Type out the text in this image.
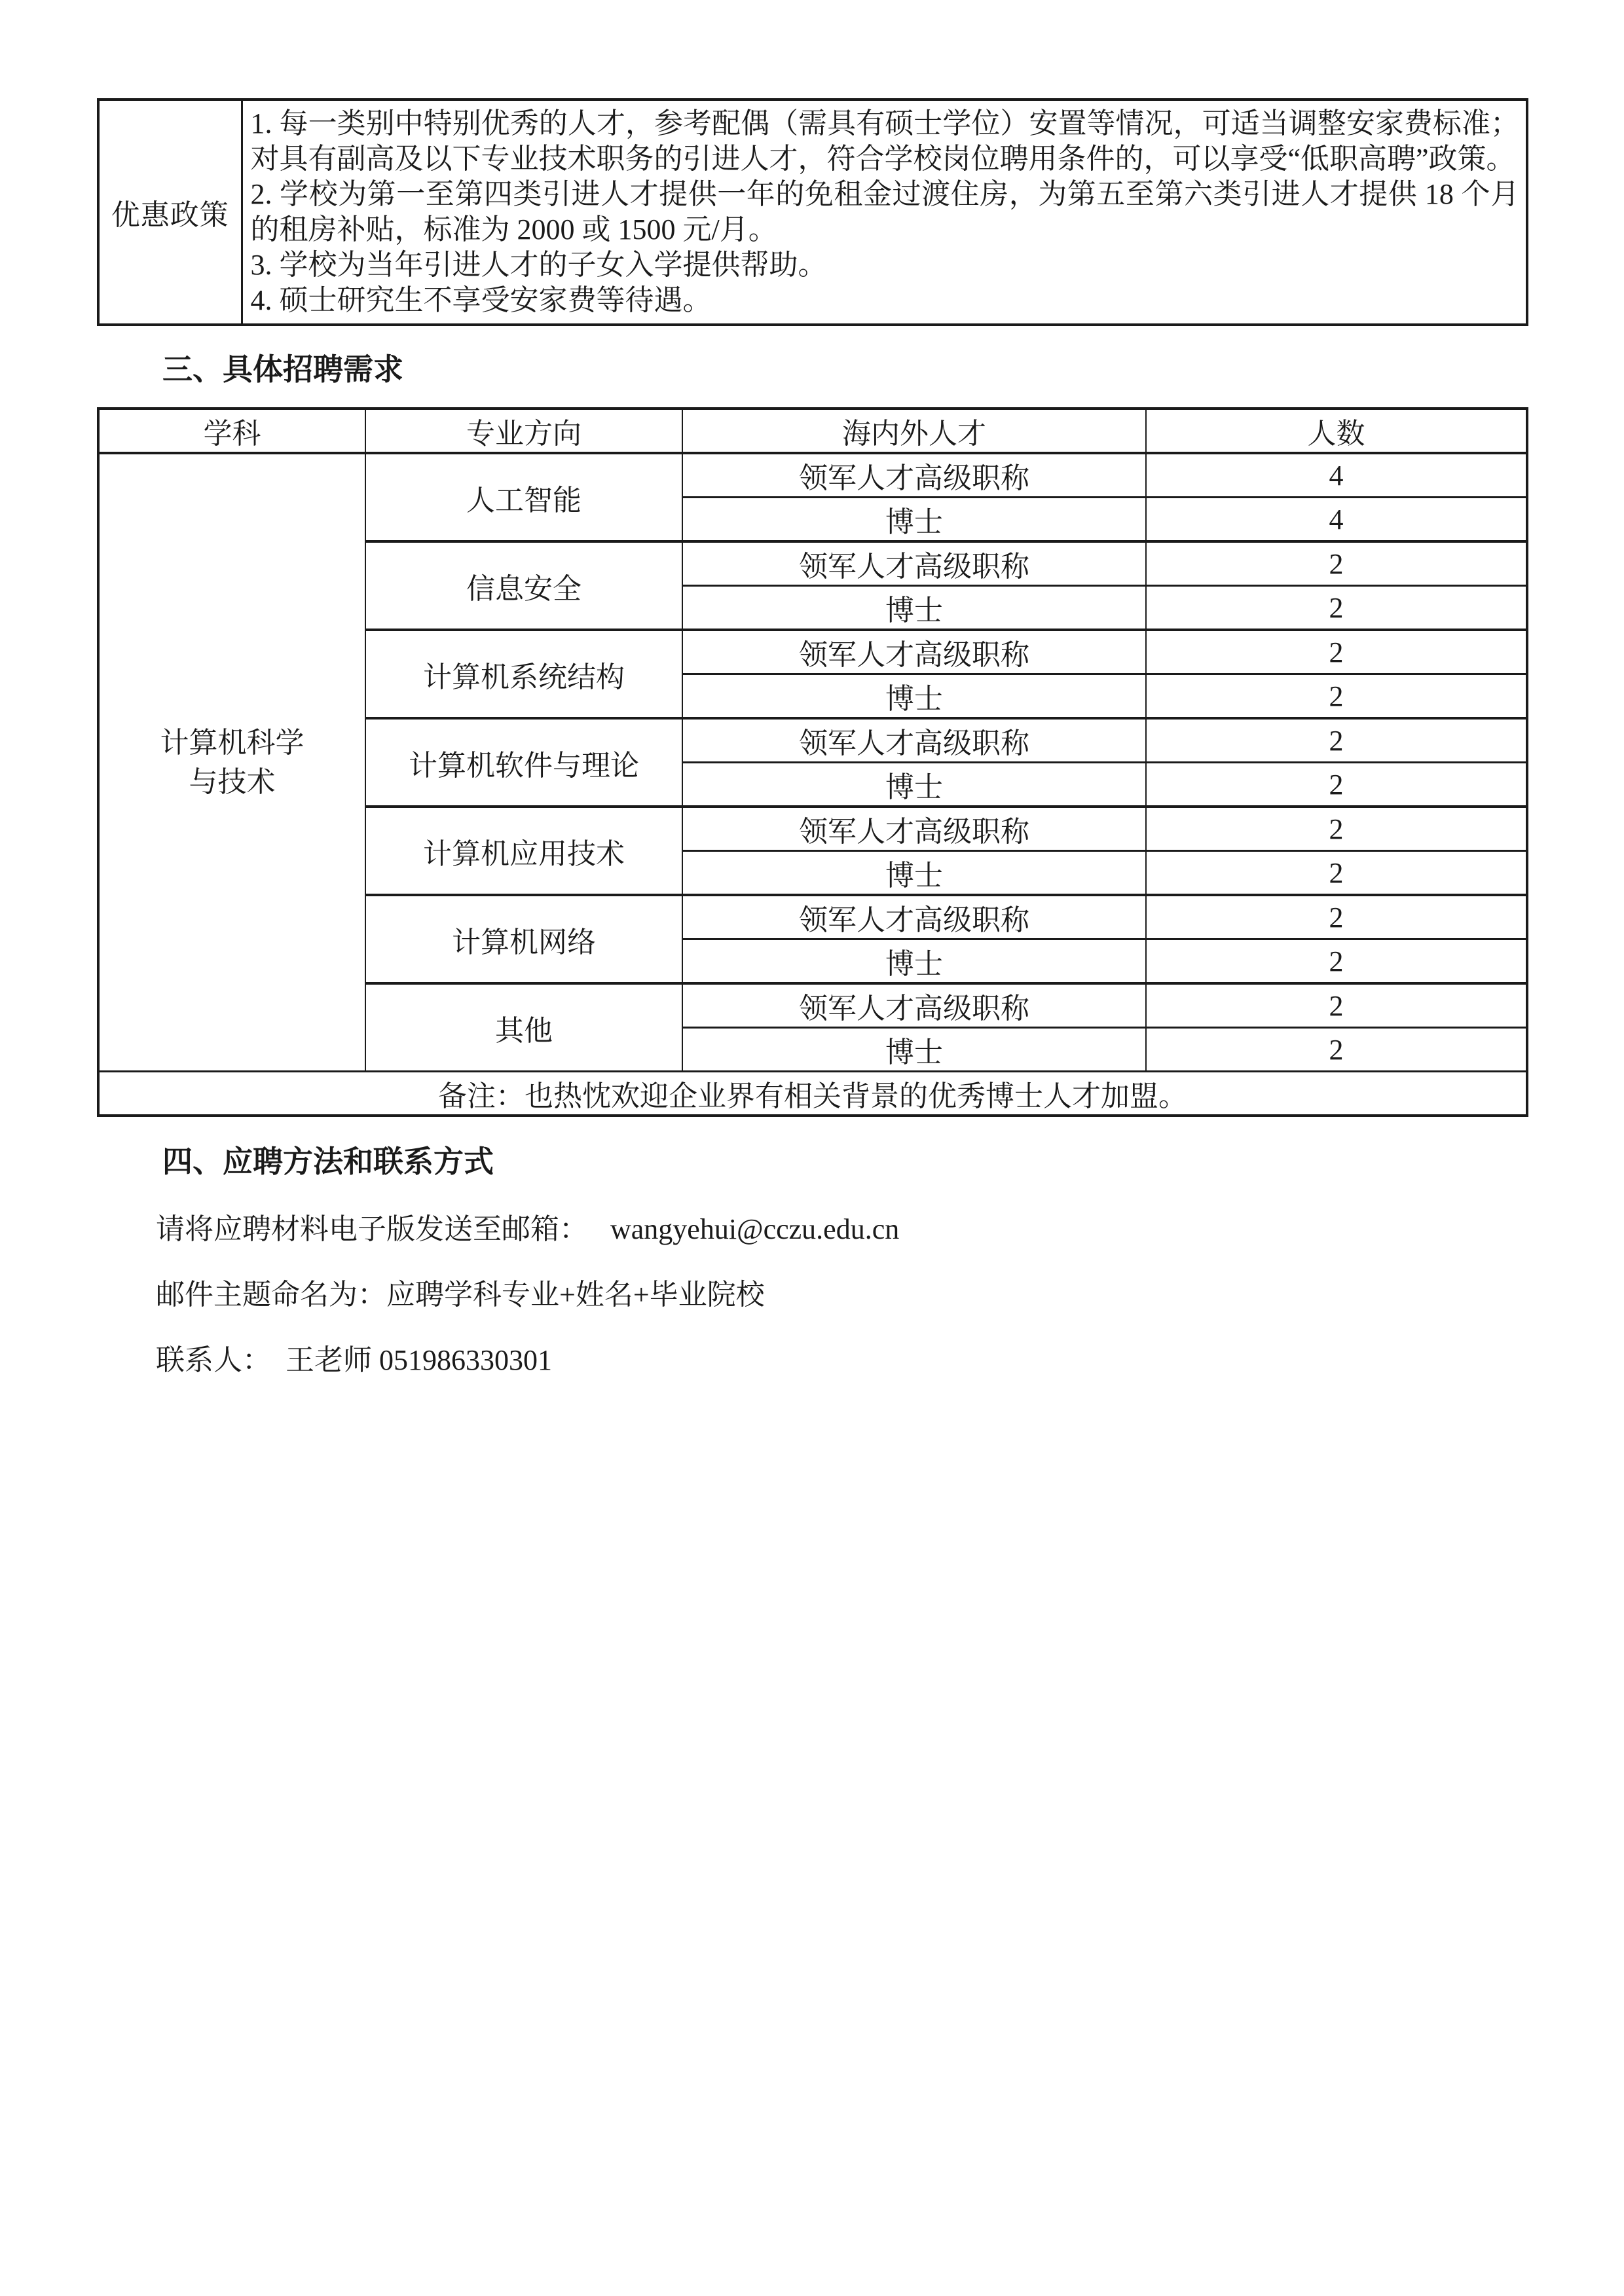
优惠政策	

1. 每一类别中特别优秀的人才，参考配偶（需具有硕士学位）安置等情况，可适当调整安家费标准；对具有副高及以下专业技术职务的引进人才，符合学校岗位聘用条件的，可以享受“低职高聘”政策。

2. 学校为第一至第四类引进人才提供一年的免租金过渡住房，为第五至第六类引进人才提供 18 个月的租房补贴，标准为 2000 或 1500 元/月。

3. 学校为当年引进人才的子女入学提供帮助。

4. 硕士研究生不享受安家费等待遇。

三、具体招聘需求
学科	专业方向	海内外人才	人数
计算机科学
与技术	人工智能	领军人才高级职称	4
		博士	4
	信息安全	领军人才高级职称	2
		博士	2
	计算机系统结构	领军人才高级职称	2
		博士	2
	计算机软件与理论	领军人才高级职称	2
		博士	2
	计算机应用技术	领军人才高级职称	2
		博士	2
	计算机网络	领军人才高级职称	2
		博士	2
	其他	领军人才高级职称	2
		博士	2
备注：也热忱欢迎企业界有相关背景的优秀博士人才加盟。			
四、应聘方法和联系方式

请将应聘材料电子版发送至邮箱： wangyehui@cczu.edu.cn

邮件主题命名为：应聘学科专业+姓名+毕业院校

联系人： 王老师 051986330301
